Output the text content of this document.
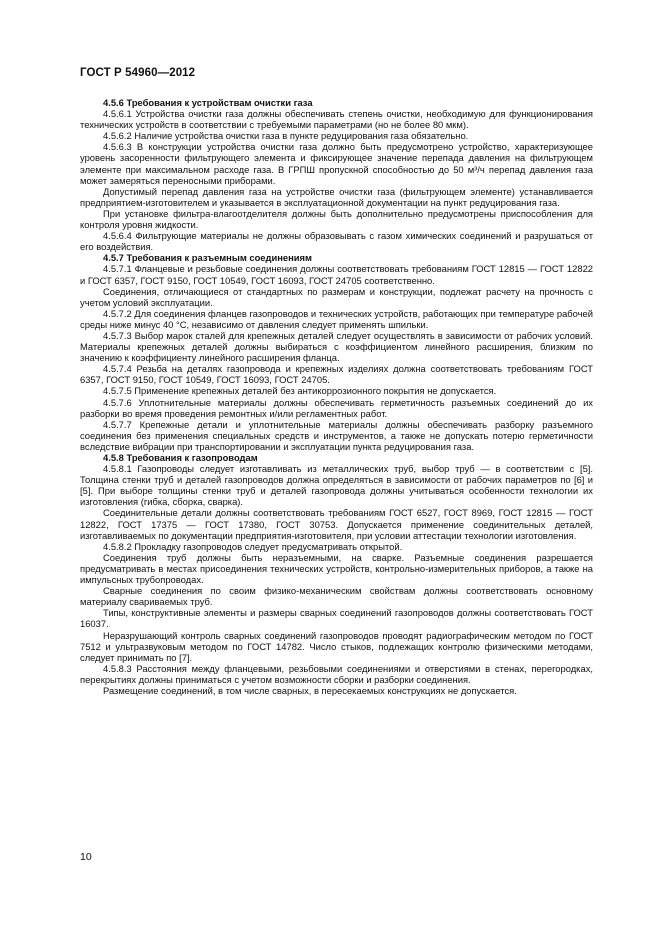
ГОСТ Р 54960—2012

4.5.6 Требования к устройствам очистки газа

4.5.6.1 Устройства очистки газа должны обеспечивать степень очистки, необходимую для функционирования технических устройств в соответствии с требуемыми параметрами (но не более 80 мкм).

4.5.6.2 Наличие устройства очистки газа в пункте редуцирования газа обязательно.

4.5.6.3 В конструкции устройства очистки газа должно быть предусмотрено устройство, характеризующее уровень засоренности фильтрующего элемента и фиксирующее значение перепада давления на фильтрующем элементе при максимальном расходе газа. В ГРПШ пропускной способностью до 50 м³/ч перепад давления газа может замеряться переносными приборами.

Допустимый перепад давления газа на устройстве очистки газа (фильтрующем элементе) устанавливается предприятием-изготовителем и указывается в эксплуатационной документации на пункт редуцирования газа.

При установке фильтра-влагоотделителя должны быть дополнительно предусмотрены приспособления для контроля уровня жидкости.

4.5.6.4 Фильтрующие материалы не должны образовывать с газом химических соединений и разрушаться от его воздействия.

4.5.7 Требования к разъемным соединениям

4.5.7.1 Фланцевые и резьбовые соединения должны соответствовать требованиям ГОСТ 12815 — ГОСТ 12822 и ГОСТ 6357, ГОСТ 9150, ГОСТ 10549, ГОСТ 16093, ГОСТ 24705 соответственно.

Соединения, отличающиеся от стандартных по размерам и конструкции, подлежат расчету на прочность с учетом условий эксплуатации.

4.5.7.2 Для соединения фланцев газопроводов и технических устройств, работающих при температуре рабочей среды ниже минус 40 °С, независимо от давления следует применять шпильки.

4.5.7.3 Выбор марок сталей для крепежных деталей следует осуществлять в зависимости от рабочих условий. Материалы крепежных деталей должны выбираться с коэффициентом линейного расширения, близким по значению к коэффициенту линейного расширения фланца.

4.5.7.4 Резьба на деталях газопровода и крепежных изделиях должна соответствовать требованиям ГОСТ 6357, ГОСТ 9150, ГОСТ 10549, ГОСТ 16093, ГОСТ 24705.

4.5.7.5 Применение крепежных деталей без антикоррозионного покрытия не допускается.

4.5.7.6 Уплотнительные материалы должны обеспечивать герметичность разъемных соединений до их разборки во время проведения ремонтных и/или регламентных работ.

4.5.7.7 Крепежные детали и уплотнительные материалы должны обеспечивать разборку разъемного соединения без применения специальных средств и инструментов, а также не допускать потерю герметичности вследствие вибрации при транспортировании и эксплуатации пункта редуцирования газа.

4.5.8 Требования к газопроводам

4.5.8.1 Газопроводы следует изготавливать из металлических труб, выбор труб — в соответствии с [5]. Толщина стенки труб и деталей газопроводов должна определяться в зависимости от рабочих параметров по [6] и [5]. При выборе толщины стенки труб и деталей газопровода должны учитываться особенности технологии их изготовления (гибка, сборка, сварка).

Соединительные детали должны соответствовать требованиям ГОСТ 6527, ГОСТ 8969, ГОСТ 12815 — ГОСТ 12822, ГОСТ 17375 — ГОСТ 17380, ГОСТ 30753. Допускается применение соединительных деталей, изготавливаемых по документации предприятия-изготовителя, при условии аттестации технологии изготовления.

4.5.8.2 Прокладку газопроводов следует предусматривать открытой.

Соединения труб должны быть неразъемными, на сварке. Разъемные соединения разрешается предусматривать в местах присоединения технических устройств, контрольно-измерительных приборов, а также на импульсных трубопроводах.

Сварные соединения по своим физико-механическим свойствам должны соответствовать основному материалу свариваемых труб.

Типы, конструктивные элементы и размеры сварных соединений газопроводов должны соответствовать ГОСТ 16037.

Неразрушающий контроль сварных соединений газопроводов проводят радиографическим методом по ГОСТ 7512 и ультразвуковым методом по ГОСТ 14782. Число стыков, подлежащих контролю физическими методами, следует принимать по [7].

4.5.8.3 Расстояния между фланцевыми, резьбовыми соединениями и отверстиями в стенах, перегородках, перекрытиях должны приниматься с учетом возможности сборки и разборки соединения.

Размещение соединений, в том числе сварных, в пересекаемых конструкциях не допускается.

10
